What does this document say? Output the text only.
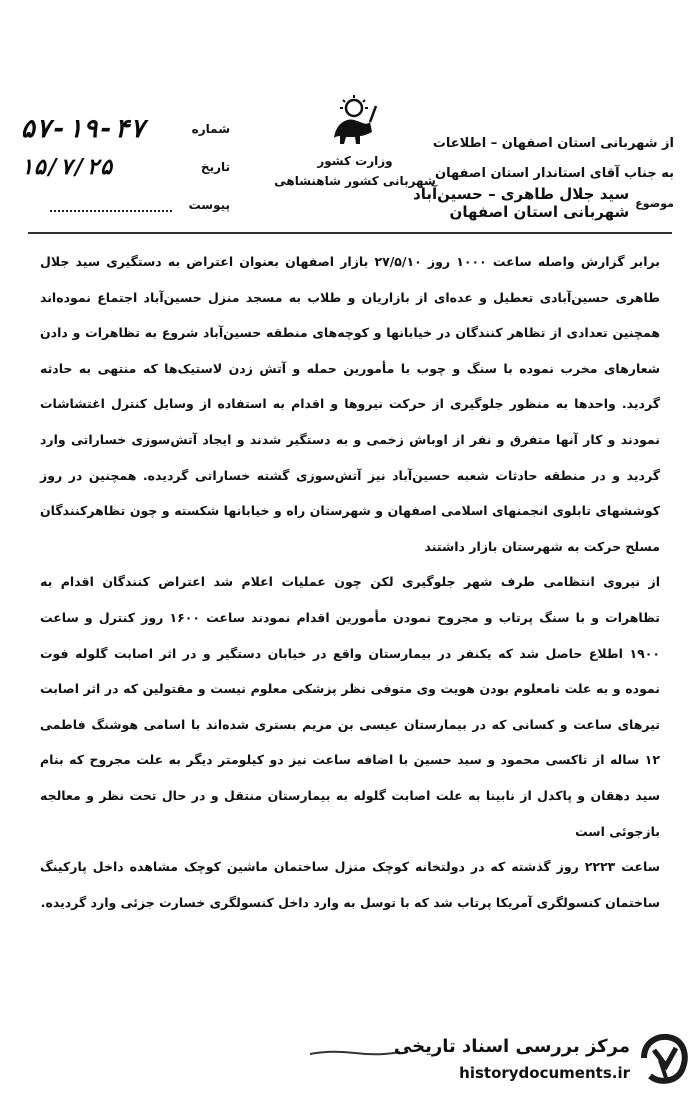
۵۷-۱۹-۴۷	شماره
۱۵/۷/۲۵	تاریخ
پیوست
وزارت کشور
شهربانی کشور شاهنشاهی
از شهربانی استان اصفهان – اطلاعات
به جناب آقای استاندار استان اصفهان
موضوع
سید جلال طاهری – حسین‌آباد شهربانی استان اصفهان

برابر گزارش واصله ساعت ۱۰۰۰ روز ۲۷/۵/۱۰ بازار اصفهان بعنوان اعتراض به دستگیری سید جلال طاهری حسین‌آبادی تعطیل و عده‌ای از بازاریان و طلاب به مسجد منزل حسین‌آباد اجتماع نموده‌اند همچنین تعدادی از تظاهر کنندگان در خیابانها و کوچه‌های منطقه حسین‌آباد شروع به تظاهرات و دادن شعارهای مخرب نموده با سنگ و چوب با مأمورین حمله و آتش زدن لاستیک‌ها که منتهی به حادثه گردید. واحدها به منظور جلوگیری از حرکت نیروها و اقدام به استفاده از وسایل کنترل اغتشاشات نمودند و کار آنها متفرق و نفر از اوباش زخمی و به دستگیر شدند و ایجاد آتش‌سوزی خساراتی وارد گردید و در منطقه حادثات شعبه حسین‌آباد نیز آتش‌سوزی گشته خساراتی گردیده. همچنین در روز کوششهای تابلوی انجمنهای اسلامی اصفهان و شهرستان راه و خیابانها شکسته و چون تظاهرکنندگان مسلح حرکت به شهرستان بازار داشتند

از نیروی انتظامی طرف شهر جلوگیری لکن چون عملیات اعلام شد اعتراض کنندگان اقدام به تظاهرات و با سنگ پرتاب و مجروح نمودن مأمورین اقدام نمودند ساعت ۱۶۰۰ روز کنترل و ساعت ۱۹۰۰ اطلاع حاصل شد که یکنفر در بیمارستان واقع در خیابان دستگیر و در اثر اصابت گلوله فوت نموده و به علت نامعلوم بودن هویت وی متوفی نظر پزشکی معلوم نیست و مقتولین که در اثر اصابت تیرهای ساعت و کسانی که در بیمارستان عیسی بن مریم بستری شده‌اند با اسامی هوشنگ فاطمی ۱۲ ساله از تاکسی محمود و سید حسین با اضافه ساعت نیز دو کیلومتر دیگر به علت مجروح که بنام سید دهقان و پاکدل از نابینا به علت اصابت گلوله به بیمارستان منتقل و در حال تحت نظر و معالجه بازجوئی است

ساعت ۲۲۲۳ روز گذشته که در دولتخانه کوچک منزل ساختمان ماشین کوچک مشاهده داخل پارکینگ ساختمان کنسولگری آمریکا پرتاب شد که با توسل به وارد داخل کنسولگری خسارت جزئی وارد گردیده.

مرکز بررسی اسناد تاریخی
historydocuments.ir
